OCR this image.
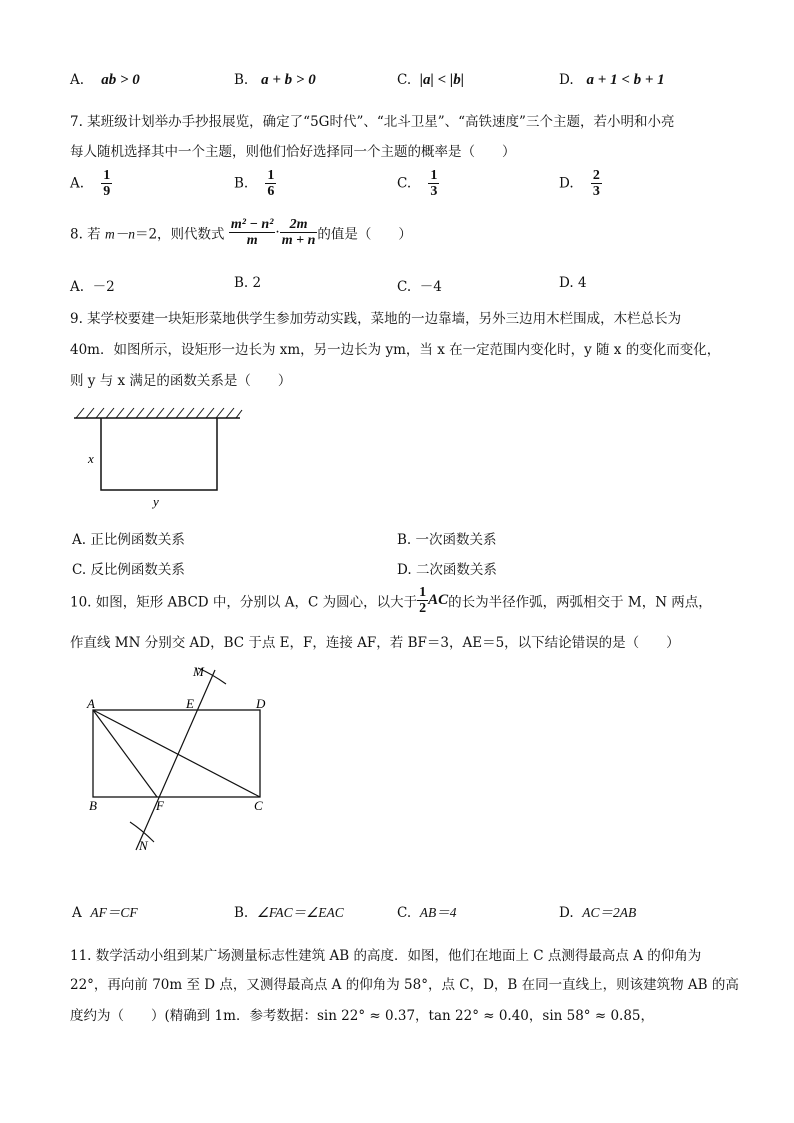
A. ab > 0	B. a + b > 0	C. |a| < |b|	D. a + 1 < b + 1
7. 某班级计划举办手抄报展览，确定了“5G时代”、“北斗卫星”、“高铁速度”三个主题，若小明和小亮
每人随机选择其中一个主题，则他们恰好选择同一个主题的概率是（　　）
A. $\frac{1}{9}$	B. $\frac{1}{6}$	C. $\frac{1}{3}$	D. $\frac{2}{3}$
8. 若 m－n＝2，则代数式 $\frac{\text{m² − n²}}{m} \cdot \frac{2m}{m + n}$ 的值是（　　）
A. －2	B. 2	C. －4	D. 4
9. 某学校要建一块矩形菜地供学生参加劳动实践，菜地的一边靠墙，另外三边用木栏围成，木栏总长为
40m．如图所示，设矩形一边长为 xm，另一边长为 ym，当 x 在一定范围内变化时，y 随 x 的变化而变化，
则 y 与 x 满足的函数关系是（　　）
x
y
A. 正比例函数关系	B. 一次函数关系
C. 反比例函数关系	D. 二次函数关系
10. 如图，矩形 ABCD 中，分别以 A，C 为圆心，以大于 $\frac{1}{2}$ AC的长为半径作弧，两弧相交于 M，N 两点，
作直线 MN 分别交 AD，BC 于点 E，F，连接 AF，若 BF＝3，AE＝5，以下结论错误的是（　　）
M
A	E	D
B	F	C
N
A AF＝CF	B. ∠FAC＝∠EAC	C. AB＝4	D. AC＝2AB
11. 数学活动小组到某广场测量标志性建筑 AB 的高度．如图，他们在地面上 C 点测得最高点 A 的仰角为
22°，再向前 70m 至 D 点，又测得最高点 A 的仰角为 58°，点 C，D，B 在同一直线上，则该建筑物 AB 的高
度约为（　　）(精确到 1m．参考数据：sin 22° ≈ 0.37，tan 22° ≈ 0.40，sin 58° ≈ 0.85，
